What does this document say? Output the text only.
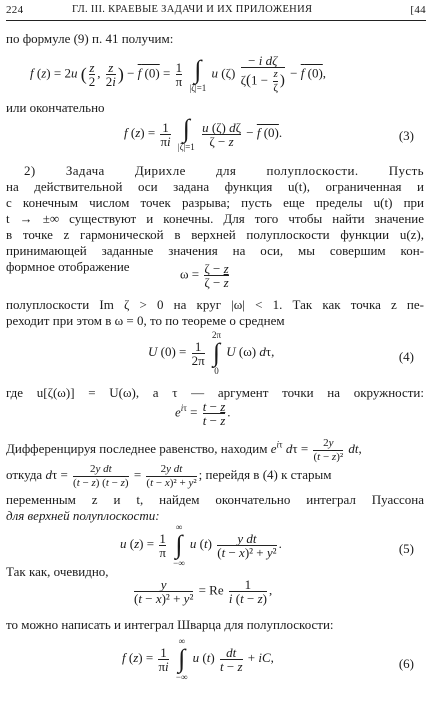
224	ГЛ. III. КРАЕВЫЕ ЗАДАЧИ И ИХ ПРИЛОЖЕНИЯ	[44
по формуле (9) п. 41 получим:
f (z) = 2u ( $\frac{z}{2}$ , $\frac{z}{2i}$ ) − f $(0) = \frac{1}{\pi}$
∫
|ζ|=1
u $(\zeta) \frac{\text{− i dζ}}{\zeta(1 - \frac{z}{\zeta} )} - f$ (0),
или окончательно
f $(z) = \frac{1}{\pi i}$
∫
|ζ|=1
$\frac{u (\zeta) d\zeta}{\zeta - z} - f$ (0).	(3)
2) Задача Дирихле для полуплоскости. Пусть
на действительной оси задана функция u(t), ограниченная и
с конечным числом точек разрыва; пусть еще пределы u(t) при
t → ±∞ существуют и конечны. Для того чтобы найти значение
в точке z гармонической в верхней полуплоскости функции u(z),
принимающей заданные значения на оси, мы совершим кон-
формное отображение	$\omega = \frac{\zeta - z}{\zeta - \overline{z}}$
полуплоскости Im ζ > 0 на круг |ω| < 1. Так как точка z пе-
реходит при этом в ω = 0, то по теореме о среднем
U $(0) = \frac{1}{2\pi}$

2π
∫
0
U (ω) dτ,	(4)
где u[ζ(ω)] = U(ω), а τ — аргумент точки на окружности:
$e^{i\tau} = \frac{t - z}{t - \overline{z}}$ .
Дифференцируя последнее равенство, находим $e^{i\tau}$ $d\tau = \frac{2y}{(t - \overline{z})^2}$ dt,
откуда $d\tau = \frac{\text{2y dt}}{(t - z) (t - \overline{z})} = \frac{\text{2y dt}}{\text{(t − x)² + y²}}$ ; перейдя в (4) к старым
переменным z и t, найдем окончательно интеграл Пуассона
для верхней полуплоскости:
u $(z) = \frac{1}{\pi}$

∞
∫
−∞
u $(t) \frac{\text{y dt}}{\text{(t − x)² + y²}}$ .	(5)
Так как, очевидно,
$\frac{y}{\text{(t − x)² + y²}} = Re \frac{1}{i (t - z)}$ ,
то можно написать и интеграл Шварца для полуплоскости:
f $(z) = \frac{1}{\pi i}$

∞
∫
−∞
u $(t) \frac{dt}{t - z}$ + iC,	(6)
